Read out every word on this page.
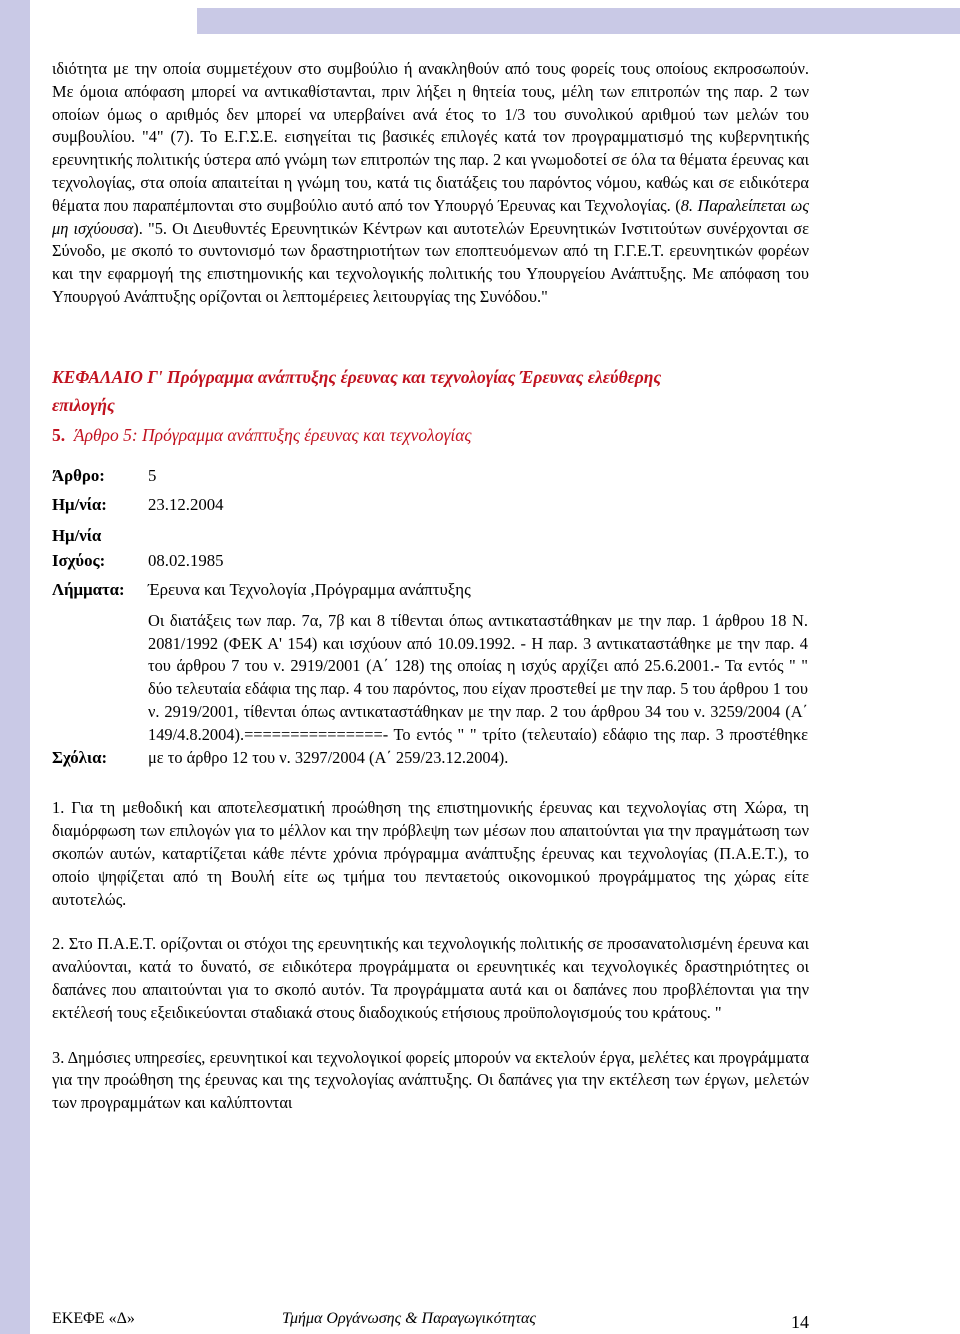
ιδιότητα με την οποία συμμετέχουν στο συμβούλιο ή ανακληθούν από τους φορείς τους οποίους εκπροσωπούν. Με όμοια απόφαση μπορεί να αντικαθίστανται, πριν λήξει η θητεία τους, μέλη των επιτροπών της παρ. 2 των οποίων όμως ο αριθμός δεν μπορεί να υπερβαίνει ανά έτος το 1/3 του συνολικού αριθμού των μελών του συμβουλίου. "4" (7). Το Ε.Γ.Σ.Ε. εισηγείται τις βασικές επιλογές κατά τον προγραμματισμό της κυβερνητικής ερευνητικής πολιτικής ύστερα από γνώμη των επιτροπών της παρ. 2 και γνωμοδοτεί σε όλα τα θέματα έρευνας και τεχνολογίας, στα οποία απαιτείται η γνώμη του, κατά τις διατάξεις του παρόντος νόμου, καθώς και σε ειδικότερα θέματα που παραπέμπονται στο συμβούλιο αυτό από τον Υπουργό Έρευνας και Τεχνολογίας. (8. Παραλείπεται ως μη ισχύουσα). "5. Οι Διευθυντές Ερευνητικών Κέντρων και αυτοτελών Ερευνητικών Ινστιτούτων συνέρχονται σε Σύνοδο, με σκοπό το συντονισμό των δραστηριοτήτων των εποπτευόμενων από τη Γ.Γ.Ε.Τ. ερευνητικών φορέων και την εφαρμογή της επιστημονικής και τεχνολογικής πολιτικής του Υπουργείου Ανάπτυξης. Με απόφαση του Υπουργού Ανάπτυξης ορίζονται οι λεπτομέρειες λειτουργίας της Συνόδου."

ΚΕΦΑΛΑΙΟ Γ' Πρόγραμμα ανάπτυξης έρευνας και τεχνολογίας Έρευνας ελεύθερης
επιλογής

5. Άρθρο 5: Πρόγραμμα ανάπτυξης έρευνας και τεχνολογίας

Άρθρο:	5
Ημ/νία:	23.12.2004
Ημ/νία
Ισχύος:	08.02.1985
Λήμματα:	Έρευνα και Τεχνολογία ,Πρόγραμμα ανάπτυξης
Σχόλια:
Οι διατάξεις των παρ. 7α, 7β και 8 τίθενται όπως αντικαταστάθηκαν με την παρ. 1 άρθρου 18 Ν. 2081/1992 (ΦΕΚ Α' 154) και ισχύουν από 10.09.1992. - Η παρ. 3 αντικαταστάθηκε με την παρ. 4 του άρθρου 7 του ν. 2919/2001 (Α΄ 128) της οποίας η ισχύς αρχίζει από 25.6.2001.- Τα εντός " " δύο τελευταία εδάφια της παρ. 4 του παρόντος, που είχαν προστεθεί με την παρ. 5 του άρθρου 1 του ν. 2919/2001, τίθενται όπως αντικαταστάθηκαν με την παρ. 2 του άρθρου 34 του ν. 3259/2004 (Α΄ 149/4.8.2004).===============- Το εντός " " τρίτο (τελευταίο) εδάφιο της παρ. 3 προστέθηκε με το άρθρο 12 του ν. 3297/2004 (Α΄ 259/23.12.2004).

1. Για τη μεθοδική και αποτελεσματική προώθηση της επιστημονικής έρευνας και τεχνολογίας στη Χώρα, τη διαμόρφωση των επιλογών για το μέλλον και την πρόβλεψη των μέσων που απαιτούνται για την πραγμάτωση των σκοπών αυτών, καταρτίζεται κάθε πέντε χρόνια πρόγραμμα ανάπτυξης έρευνας και τεχνολογίας (Π.Α.Ε.Τ.), το οποίο ψηφίζεται από τη Βουλή είτε ως τμήμα του πενταετούς οικονομικού προγράμματος της χώρας είτε αυτοτελώς.

2. Στο Π.Α.Ε.Τ. ορίζονται οι στόχοι της ερευνητικής και τεχνολογικής πολιτικής σε προσανατολισμένη έρευνα και αναλύονται, κατά το δυνατό, σε ειδικότερα προγράμματα οι ερευνητικές και τεχνολογικές δραστηριότητες οι δαπάνες που απαιτούνται για το σκοπό αυτόν. Τα προγράμματα αυτά και οι δαπάνες που προβλέπονται για την εκτέλεσή τους εξειδικεύονται σταδιακά στους διαδοχικούς ετήσιους προϋπολογισμούς του κράτους. "

3. Δημόσιες υπηρεσίες, ερευνητικοί και τεχνολογικοί φορείς μπορούν να εκτελούν έργα, μελέτες και προγράμματα για την προώθηση της έρευνας και της τεχνολογίας ανάπτυξης. Οι δαπάνες για την εκτέλεση των έργων, μελετών των προγραμμάτων και καλύπτονται

ΕΚΕΦΕ «Δ»	Τμήμα Οργάνωσης & Παραγωγικότητας	14
